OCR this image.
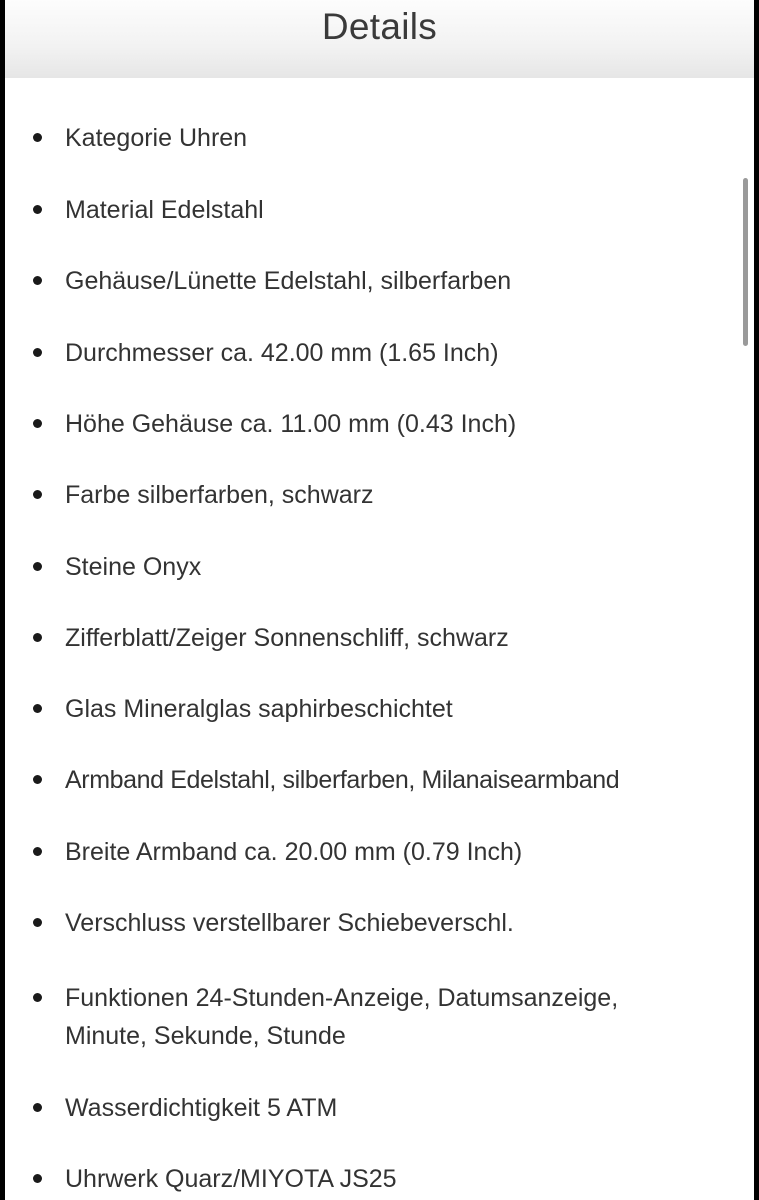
Details
Kategorie Uhren
Material Edelstahl
Gehäuse/Lünette Edelstahl, silberfarben
Durchmesser ca. 42.00 mm (1.65 Inch)
Höhe Gehäuse ca. 11.00 mm (0.43 Inch)
Farbe silberfarben, schwarz
Steine Onyx
Zifferblatt/Zeiger Sonnenschliff, schwarz
Glas Mineralglas saphirbeschichtet
Armband Edelstahl, silberfarben, Milanaisearmband
Breite Armband ca. 20.00 mm (0.79 Inch)
Verschluss verstellbarer Schiebeverschl.
Funktionen 24-Stunden-Anzeige, Datumsanzeige, Minute, Sekunde, Stunde
Wasserdichtigkeit 5 ATM
Uhrwerk Quarz/MIYOTA JS25
